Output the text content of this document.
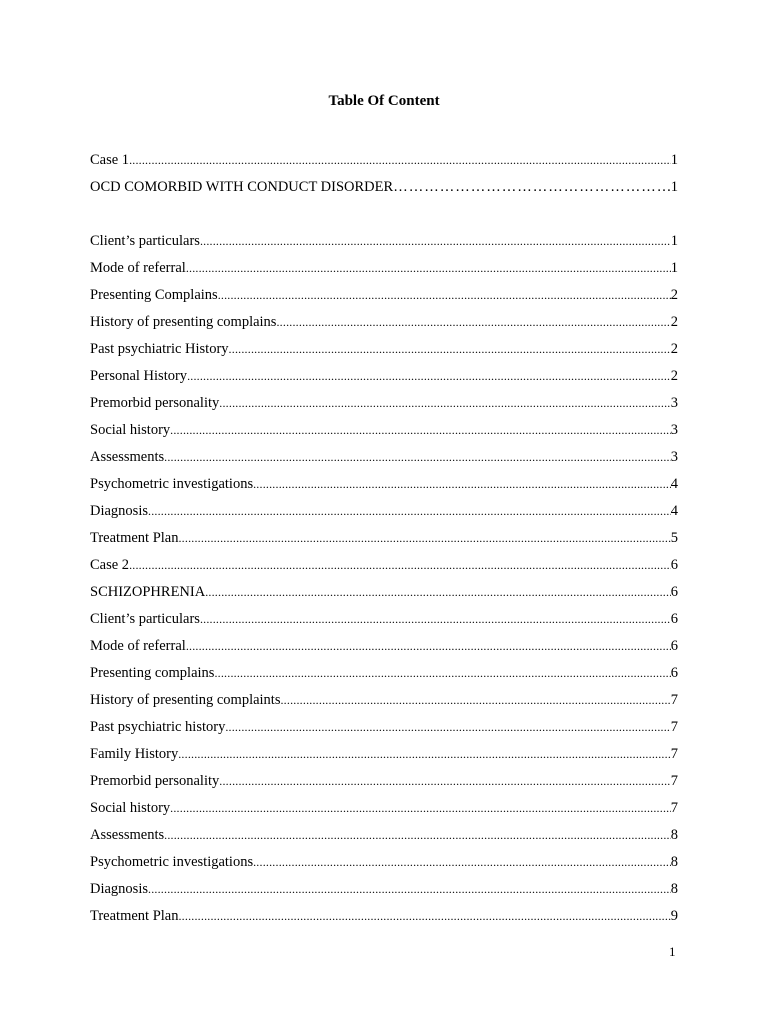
Table Of Content
Case 1 .....	1
OCD COMORBID WITH CONDUCT DISORDER ………………………………………………………………………………………………………………………………………………………………………………………	.1
Client’s particulars .....	1
Mode of referral .....	1
Presenting Complains .....	2
History of presenting complains .....	2
Past psychiatric History .....	2
Personal History .....	2
Premorbid personality .....	3
Social history .....	3
Assessments .....	3
Psychometric investigations .....	4
Diagnosis .....	4
Treatment Plan .....	5
Case 2 .....	6
SCHIZOPHRENIA .....	6
Client’s particulars .....	6
Mode of referral .....	6
Presenting complains .....	6
History of presenting complaints .....	7
Past psychiatric history .....	7
Family History .....	7
Premorbid personality .....	7
Social history .....	7
Assessments .....	8
Psychometric investigations .....	8
Diagnosis .....	8
Treatment Plan .....	9
1
